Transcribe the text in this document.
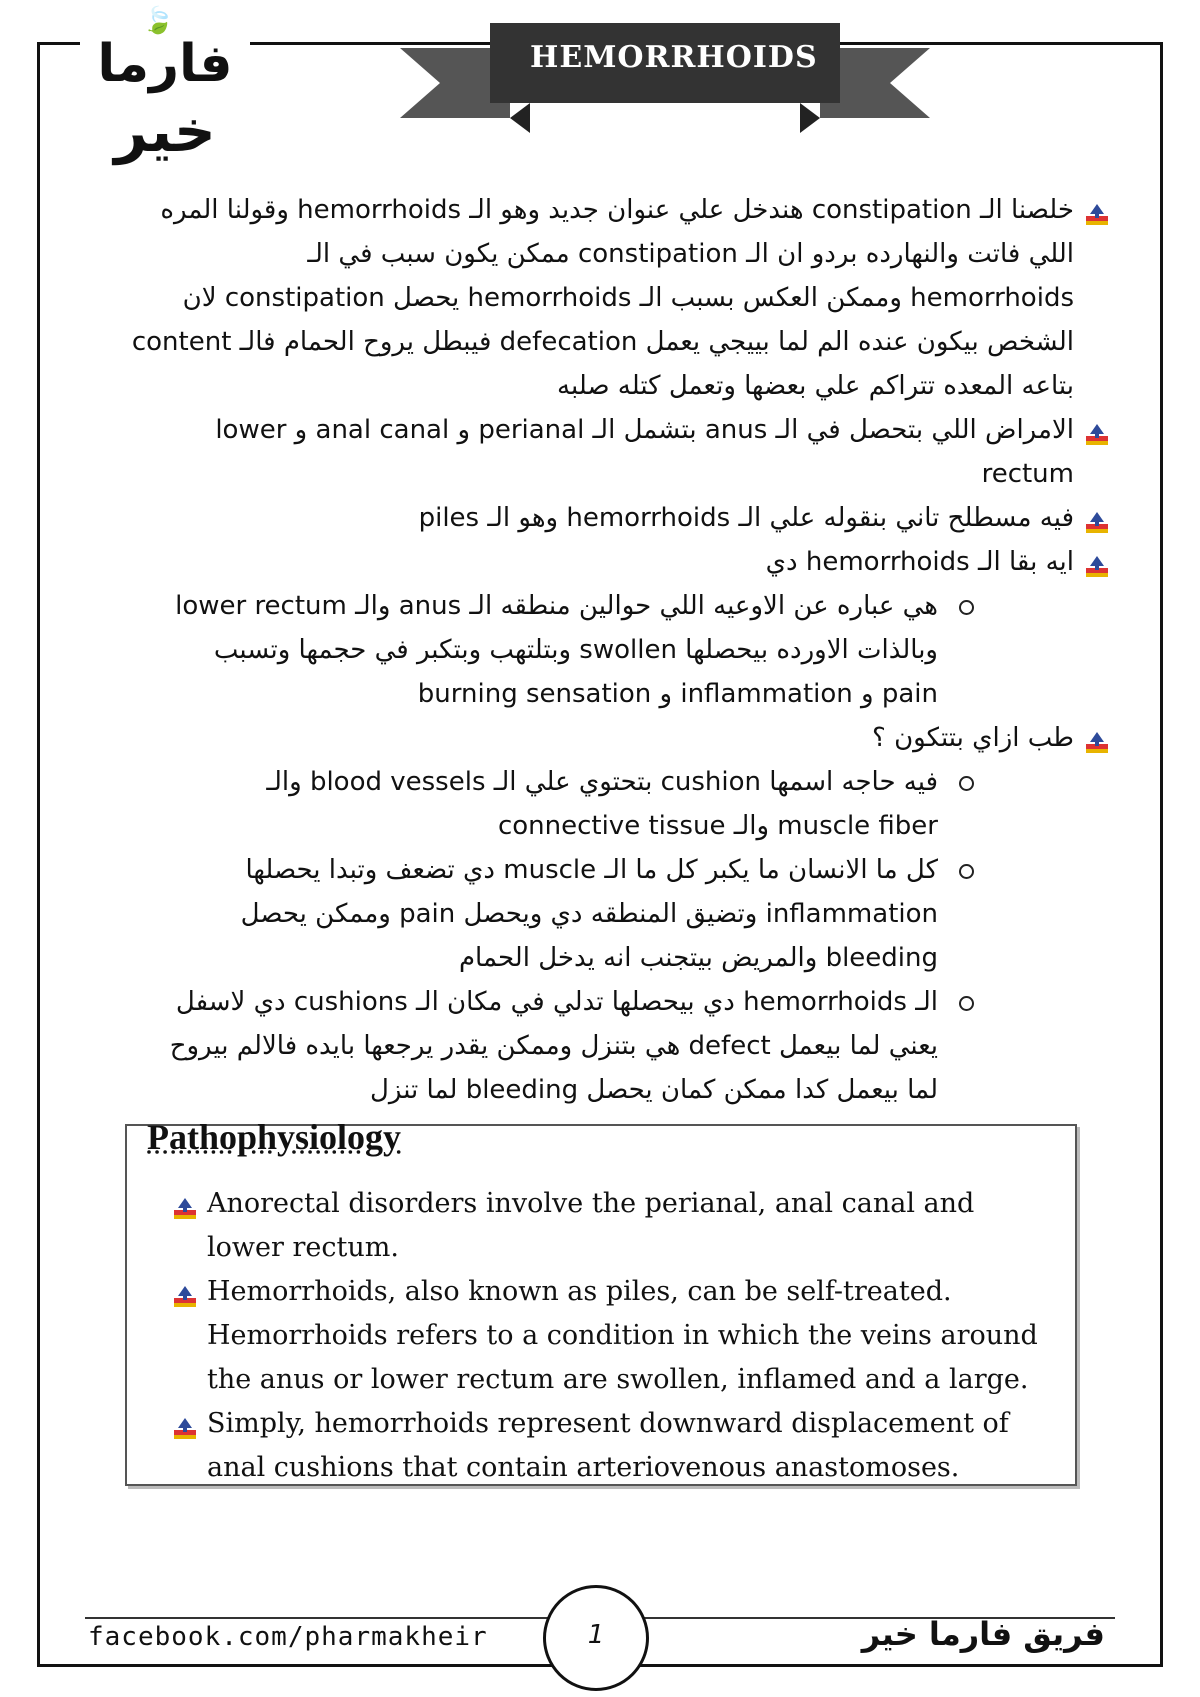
🍃
فارما
خير
HEMORRHOIDS
خلصنا الـ constipation هندخل علي عنوان جديد وهو الـ hemorrhoids وقولنا المره
اللي فاتت والنهارده بردو ان الـ constipation ممكن يكون سبب في الـ
hemorrhoids وممكن العكس بسبب الـ hemorrhoids يحصل constipation لان
الشخص بيكون عنده الم لما بييجي يعمل defecation فيبطل يروح الحمام فالـ content
بتاعه المعده تتراكم علي بعضها وتعمل كتله صلبه
الامراض اللي بتحصل في الـ anus بتشمل الـ perianal و anal canal و lower
rectum
فيه مسطلح تاني بنقوله علي الـ hemorrhoids وهو الـ piles
ايه بقا الـ hemorrhoids دي
هي عباره عن الاوعيه اللي حوالين منطقه الـ anus والـ lower rectum
وبالذات الاورده بيحصلها swollen وبتلتهب وبتكبر في حجمها وتسبب
pain و inflammation و burning sensation
طب ازاي بتتكون ؟
فيه حاجه اسمها cushion بتحتوي علي الـ blood vessels والـ
muscle fiber والـ connective tissue
كل ما الانسان ما يكبر كل ما الـ muscle دي تضعف وتبدا يحصلها
inflammation وتضيق المنطقه دي ويحصل pain وممكن يحصل
bleeding والمريض بيتجنب انه يدخل الحمام
الـ hemorrhoids دي بيحصلها تدلي في مكان الـ cushions دي لاسفل
يعني لما بيعمل defect هي بتنزل وممكن يقدر يرجعها بايده فالالم بيروح
لما بيعمل كدا ممكن كمان يحصل bleeding لما تنزل
Pathophysiology
Anorectal disorders involve the perianal, anal canal and
lower rectum.
Hemorrhoids, also known as piles, can be self-treated.
Hemorrhoids refers to a condition in which the veins around
the anus or lower rectum are swollen, inflamed and a large.
Simply, hemorrhoids represent downward displacement of
anal cushions that contain arteriovenous anastomoses.
facebook.com/pharmakheir	1	فريق فارما خير
